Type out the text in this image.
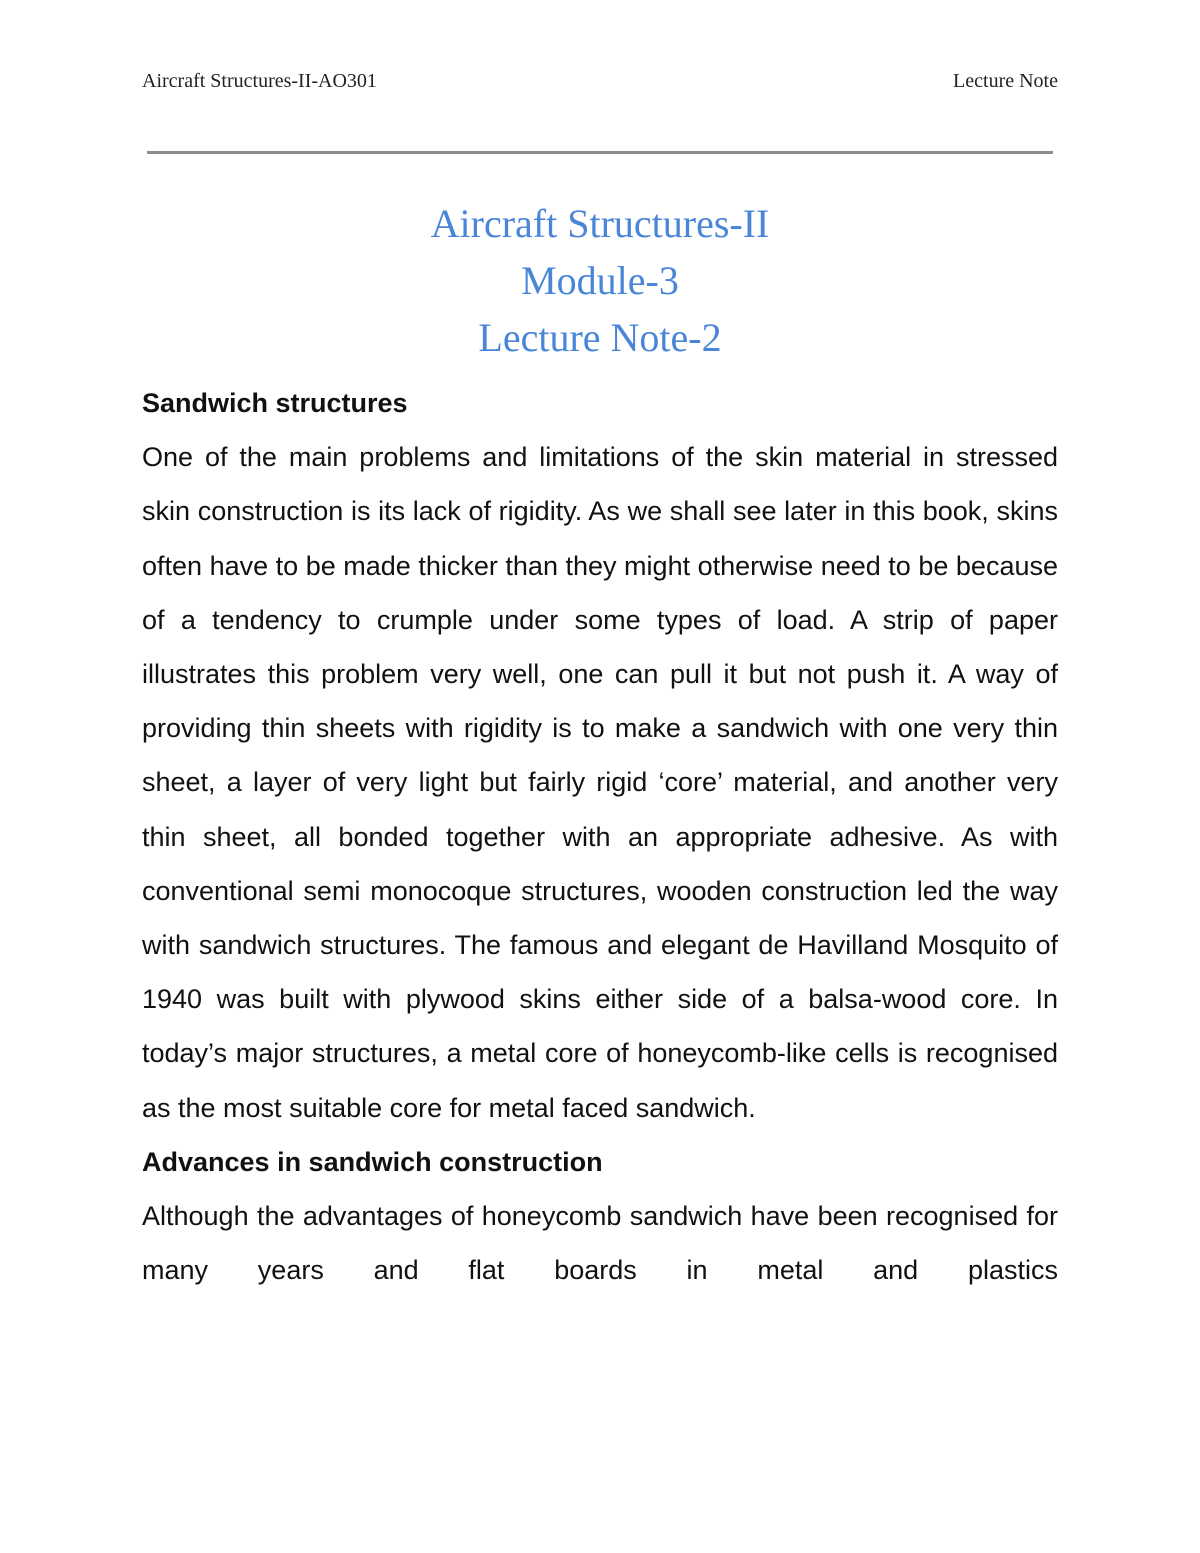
Aircraft Structures-II-AO301	Lecture Note
Aircraft Structures-II
Module-3
Lecture Note-2
Sandwich structures

One of the main problems and limitations of the skin material in stressed skin construction is its lack of rigidity. As we shall see later in this book, skins often have to be made thicker than they might otherwise need to be because of a tendency to crumple under some types of load. A strip of paper illustrates this problem very well, one can pull it but not push it. A way of providing thin sheets with rigidity is to make a sandwich with one very thin sheet, a layer of very light but fairly rigid ‘core’ material, and another very thin sheet, all bonded together with an appropriate adhesive. As with conventional semi monocoque structures, wooden construction led the way with sandwich structures. The famous and elegant de Havilland Mosquito of 1940 was built with plywood skins either side of a balsa-wood core. In today’s major structures, a metal core of honeycomb-like cells is recognised as the most suitable core for metal faced sandwich.

Advances in sandwich construction

Although the advantages of honeycomb sandwich have been recognised for many years and flat boards in metal and plastics
